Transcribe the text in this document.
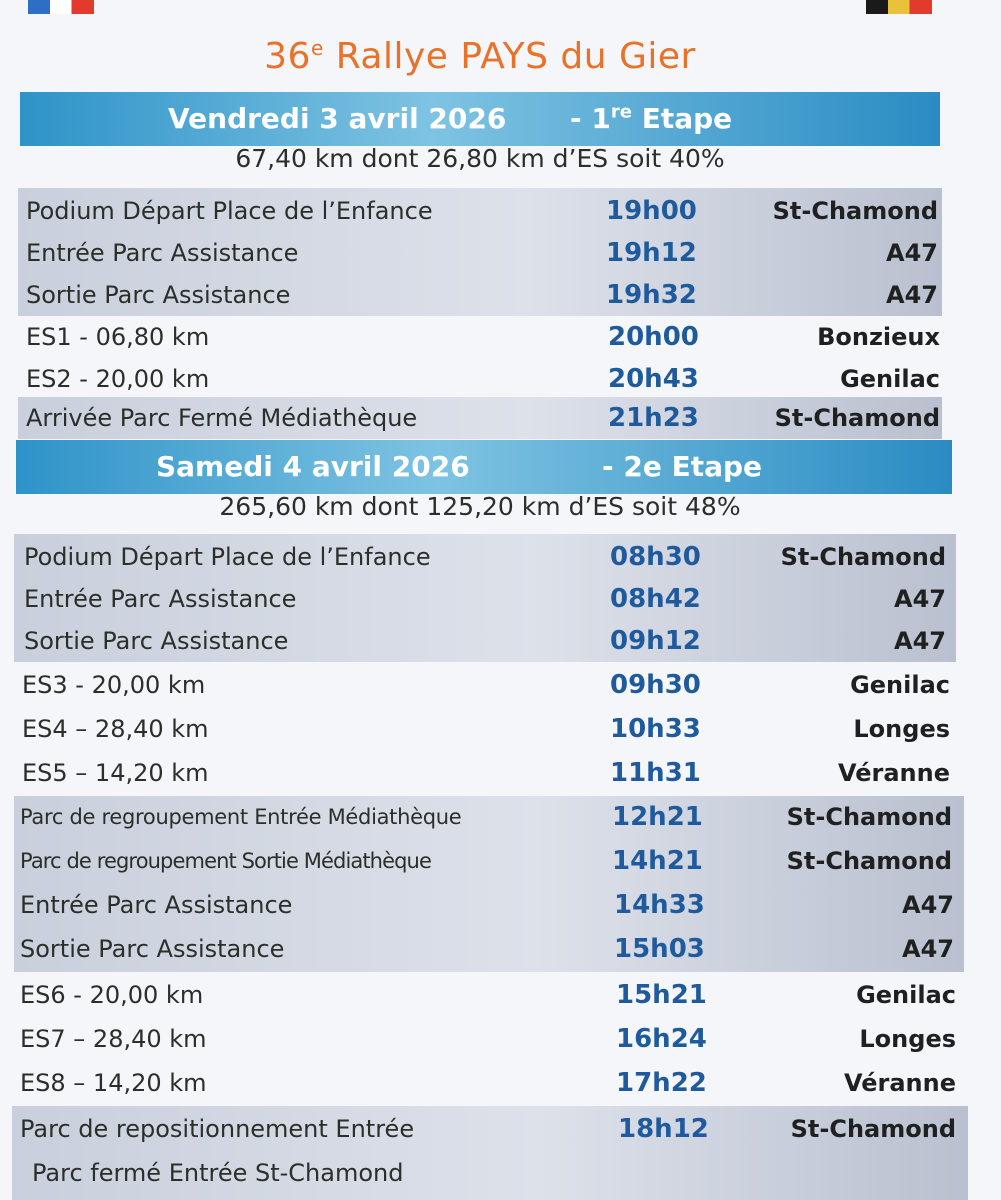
36e Rallye PAYS du Gier
Vendredi 3 avril 2026 - 1re Etape
67,40 km dont 26,80 km d’ES soit 40%
Samedi 4 avril 2026	- 2e Etape
265,60 km dont 125,20 km d’ES soit 48%
Podium Départ Place de l’Enfance	19h00	St-Chamond
Entrée Parc Assistance	19h12	A47
Sortie Parc Assistance	19h32	A47
ES1 - 06,80 km	20h00	Bonzieux
ES2 - 20,00 km	20h43	Genilac
Arrivée Parc Fermé Médiathèque	21h23	St-Chamond
Podium Départ Place de l’Enfance	08h30	St-Chamond
Entrée Parc Assistance	08h42	A47
Sortie Parc Assistance	09h12	A47
ES3 - 20,00 km	09h30	Genilac
ES4 – 28,40 km	10h33	Longes
ES5 – 14,20 km	11h31	Véranne
Parc de regroupement Entrée Médiathèque	12h21	St-Chamond
Parc de regroupement Sortie Médiathèque	14h21	St-Chamond
Entrée Parc Assistance	14h33	A47
Sortie Parc Assistance	15h03	A47
ES6 - 20,00 km	15h21	Genilac
ES7 – 28,40 km	16h24	Longes
ES8 – 14,20 km	17h22	Véranne
Parc de repositionnement Entrée	18h12	St-Chamond
Parc fermé Entrée St-Chamond
